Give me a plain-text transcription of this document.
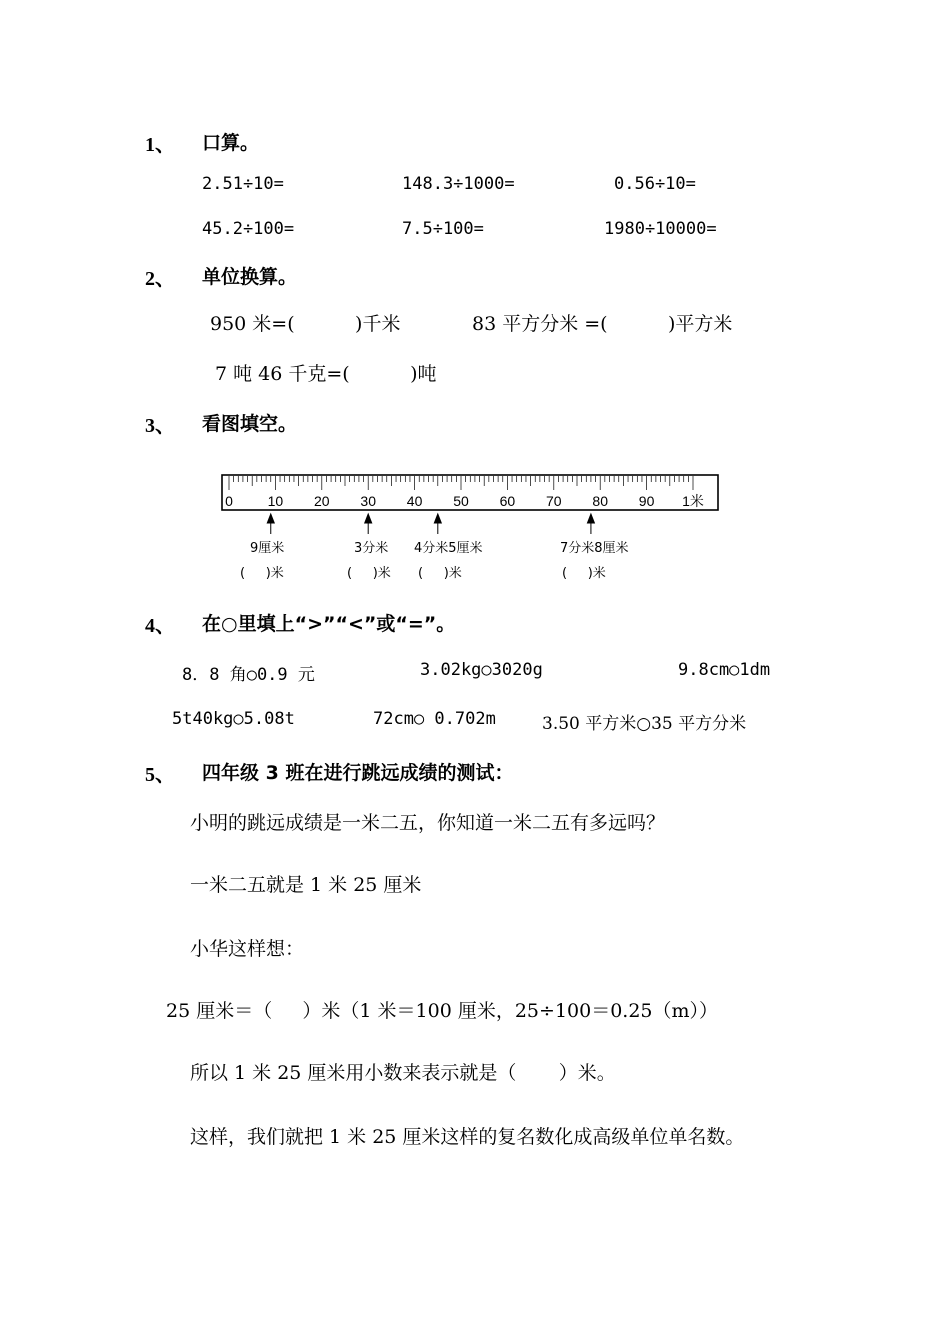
1、 口算。
2.51÷10=	148.3÷1000=	0.56÷10=
45.2÷100=	7.5÷100=	1980÷10000=
2、 单位换算。
950 米=(          )千米	83 平方分米 =(          )平方米
7 吨 46 千克=(          )吨
3、 看图填空。
0 10 20 30 40 50 60 70 80 90 1米
9厘米
(     )米
3分米
(     )米
4分米5厘米
(     )米
7分米8厘米
(     )米
4、 在○里填上“>”“<”或“=”。
8．8 角○0.9 元	3.02kg○3020g	9.8cm○1dm
5t40kg○5.08t	72cm○ 0.702m	3.50 平方米○35 平方分米
5、 四年级 3 班在进行跳远成绩的测试：
小明的跳远成绩是一米二五，你知道一米二五有多远吗？
一米二五就是 1 米 25 厘米
小华这样想：
25 厘米＝（     ）米（1 米＝100 厘米，25÷100＝0.25（m））
所以 1 米 25 厘米用小数来表示就是（       ）米。
这样，我们就把 1 米 25 厘米这样的复名数化成高级单位单名数。
